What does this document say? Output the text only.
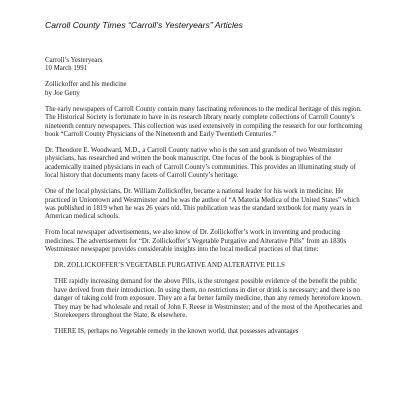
Carroll County Times “Carroll’s Yesteryears” Articles

Carroll’s Yesteryears

10 March 1991

Zollickoffer and his medicine

by Joe Getty

The early newspapers of Carroll County contain many fascinating references to the medical heritage of this region. The Historical Society is fortunate to have in its research library nearly complete collections of Carroll County’s nineteenth century newspapers. This collection was used extensively in compiling the research for our forthcoming book “Carroll County Physicians of the Nineteenth and Early Twentieth Centuries.”

Dr. Theodore E. Woodward, M.D., a Carroll County native who is the son and grandson of two Westminster physicians, has researched and written the book manuscript. One focus of the book is biographies of the academically trained physicians in each of Carroll County’s communities. This provides an illuminating study of local history that documents many facets of Carroll County’s heritage.

One of the local physicians, Dr. William Zollickoffer, became a national leader for his work in medicine. He practiced in Uniontown and Westminster and he was the author of “A Materia Medica of the United States” which was published in 1819 when he was 26 years old. This publication was the standard textbook for many years in American medical schools.

From local newspaper advertisements, we also know of Dr. Zollickoffer’s work in inventing and producing medicines. The advertisement for “Dr. Zollickoffer’s Vegetable Purgative and Alterative Pills” from an 1830s Westminster newspaper provides considerable insights into the local medical practices of that time:

DR. ZOLLICKOFFER’S VEGETABLE PURGATIVE AND ALTERATIVE PILLS

THE rapidly increasing demand for the above Pills, is the strongest possible evidence of the benefit the public have derived from their introduction. In using them, no restrictions in diet or drink is necessary; and there is no danger of taking cold from exposure. They are a far better family medicine, than any remedy heretofore known. They may be had wholesale and retail of John F. Reese in Westminster; and of the most of the Apothecaries and Storekeepers throughout the State, & elsewhere.

THERE IS, perhaps no Vegetable remedy in the known world, that possesses advantages
